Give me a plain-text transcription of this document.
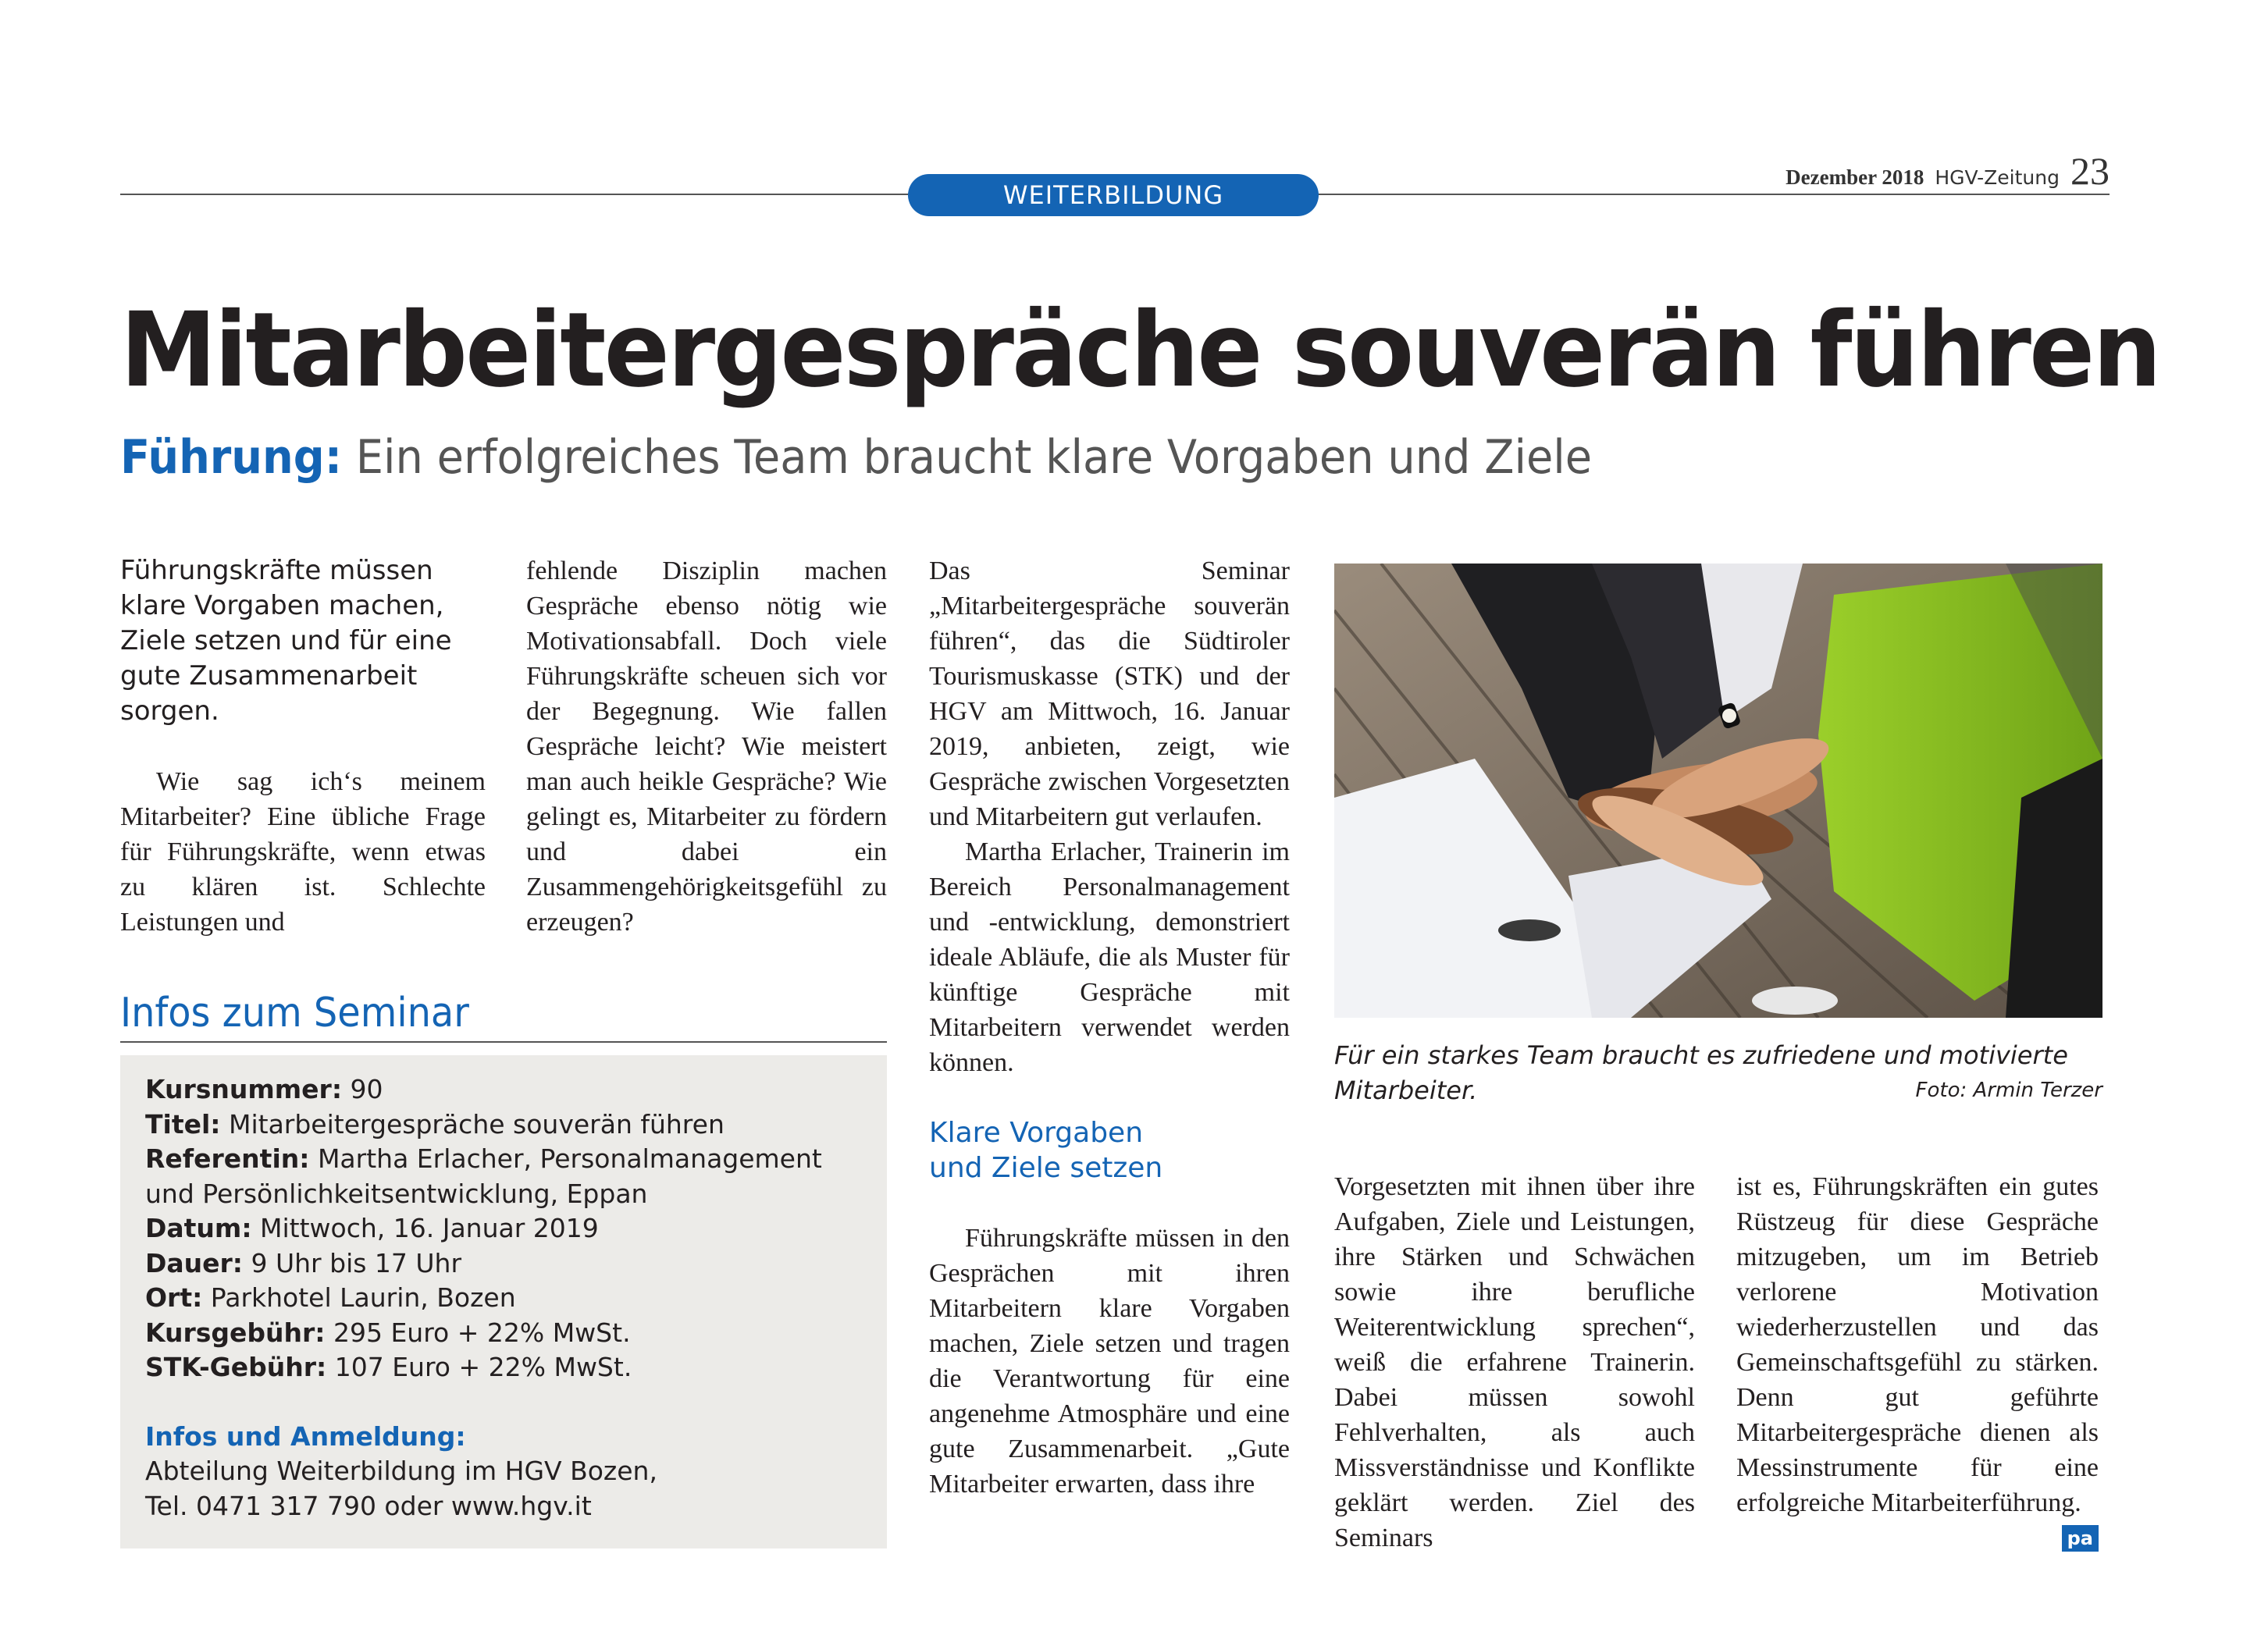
WEITERBILDUNG
Dezember 2018 HGV-Zeitung 23
Mitarbeitergespräche souverän führen
Führung: Ein erfolgreiches Team braucht klare Vorgaben und Ziele

Führungskräfte müssen klare Vorgaben machen, Ziele setzen und für eine gute Zusammenarbeit sorgen.

Wie sag ich‘s meinem Mitarbeiter? Eine übliche Frage für Führungskräfte, wenn etwas zu klären ist. Schlechte Leistungen und

fehlende Disziplin machen Gespräche ebenso nötig wie Motivationsabfall. Doch viele Führungskräfte scheuen sich vor der Begegnung. Wie fallen Gespräche leicht? Wie meistert man auch heikle Gespräche? Wie gelingt es, Mitarbeiter zu fördern und dabei ein Zusammengehörigkeitsgefühl zu erzeugen?

Infos zum Seminar
Kursnummer: 90
Titel: Mitarbeitergespräche souverän führen
Referentin: Martha Erlacher, Personalmanagement und Persönlichkeitsentwicklung, Eppan
Datum: Mittwoch, 16. Januar 2019
Dauer: 9 Uhr bis 17 Uhr
Ort: Parkhotel Laurin, Bozen
Kursgebühr: 295 Euro + 22% MwSt.
STK-Gebühr: 107 Euro + 22% MwSt.
Infos und Anmeldung:
Abteilung Weiterbildung im HGV Bozen,
Tel. 0471 317 790 oder www.hgv.it

Das Seminar „Mitarbeitergespräche souverän führen“, das die Südtiroler Tourismuskasse (STK) und der HGV am Mittwoch, 16. Januar 2019, anbieten, zeigt, wie Gespräche zwischen Vorgesetzten und Mitarbeitern gut verlaufen.

Martha Erlacher, Trainerin im Bereich Personalmanagement und -entwicklung, demonstriert ideale Abläufe, die als Muster für künftige Gespräche mit Mitarbeitern verwendet werden können.

Klare Vorgaben
und Ziele setzen

Führungskräfte müssen in den Gesprächen mit ihren Mitarbeitern klare Vorgaben machen, Ziele setzen und tragen die Verantwortung für eine angenehme Atmosphäre und eine gute Zusammenarbeit. „Gute Mitarbeiter erwarten, dass ihre

Für ein starkes Team braucht es zufriedene und motivierte Mitarbeiter.	Foto: Armin Terzer

Vorgesetzten mit ihnen über ihre Aufgaben, Ziele und Leistungen, ihre Stärken und Schwächen sowie ihre berufliche Weiterentwicklung sprechen“, weiß die erfahrene Trainerin. Dabei müssen sowohl Fehlverhalten, als auch Missverständnisse und Konflikte geklärt werden. Ziel des Seminars

ist es, Führungskräften ein gutes Rüstzeug für diese Gespräche mitzugeben, um im Betrieb verlorene Motivation wiederherzustellen und das Gemeinschaftsgefühl zu stärken. Denn gut geführte Mitarbeitergespräche dienen als Messinstrumente für eine erfolgreiche Mitarbeiterführung.
pa
